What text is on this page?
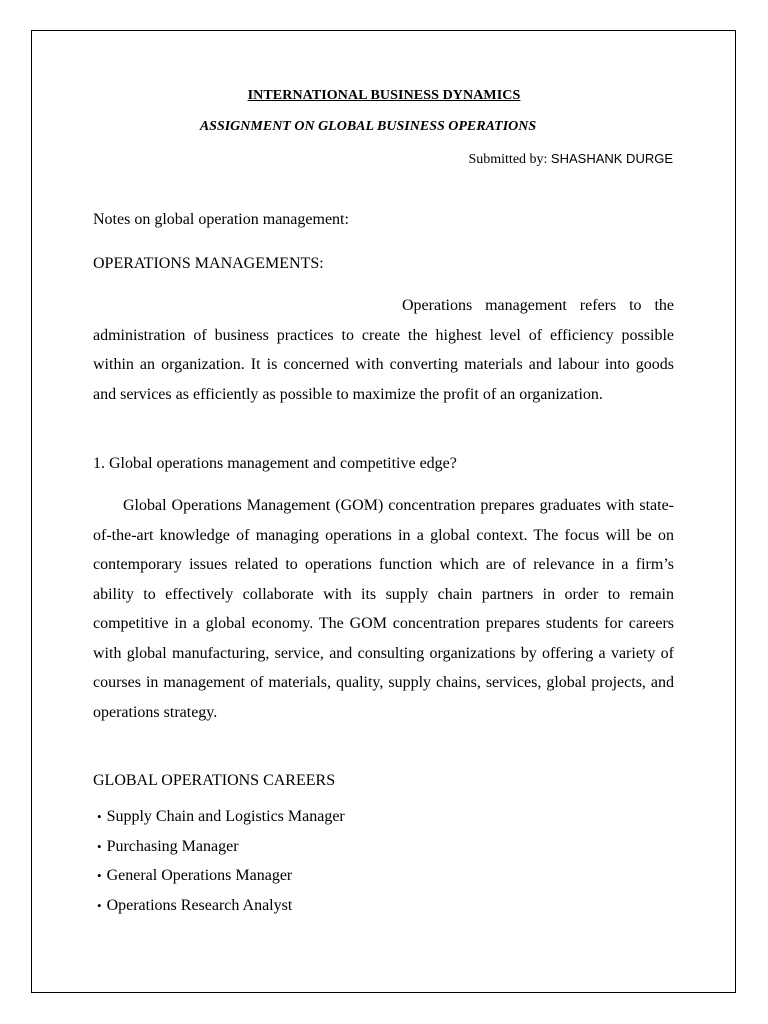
INTERNATIONAL BUSINESS DYNAMICS
ASSIGNMENT ON GLOBAL BUSINESS OPERATIONS
Submitted by: SHASHANK DURGE
Notes on global operation management:
OPERATIONS MANAGEMENTS:

Operations management refers to the administration of business practices to create the highest level of efficiency possible within an organization. It is concerned with converting materials and labour into goods and services as efficiently as possible to maximize the profit of an organization.

1. Global operations management and competitive edge?

Global Operations Management (GOM) concentration prepares graduates with state-of-the-art knowledge of managing operations in a global context. The focus will be on contemporary issues related to operations function which are of relevance in a firm’s ability to effectively collaborate with its supply chain partners in order to remain competitive in a global economy. The GOM concentration prepares students for careers with global manufacturing, service, and consulting organizations by offering a variety of courses in management of materials, quality, supply chains, services, global projects, and operations strategy.

GLOBAL OPERATIONS CAREERS
• Supply Chain and Logistics Manager
• Purchasing Manager
• General Operations Manager
• Operations Research Analyst
